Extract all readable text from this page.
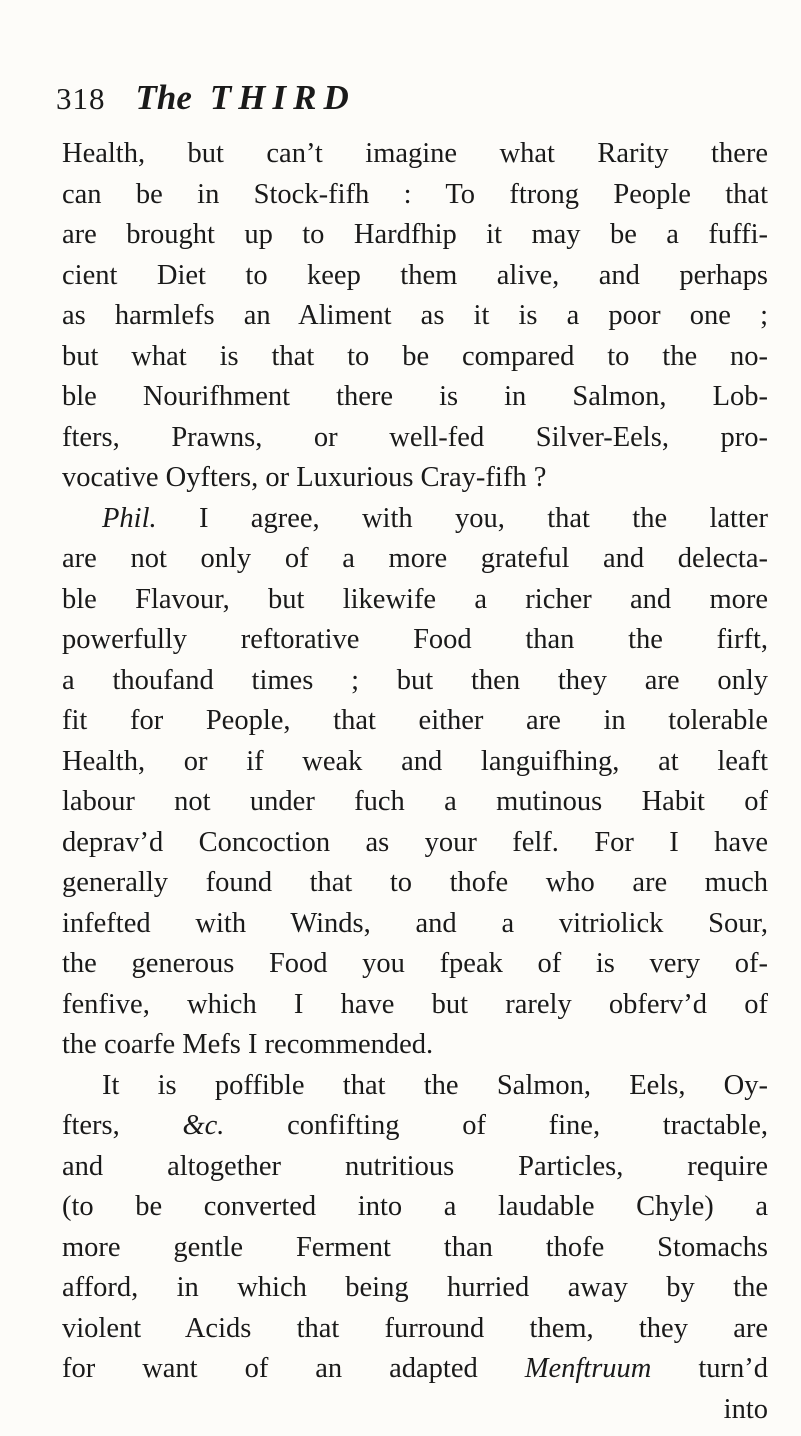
318 The THIRD
Health, but can’t imagine what Rarity there
can be in Stock-fifh : To ftrong People that
are brought up to Hardfhip it may be a fuffi-
cient Diet to keep them alive, and perhaps
as harmlefs an Aliment as it is a poor one ;
but what is that to be compared to the no-
ble Nourifhment there is in Salmon, Lob-
fters, Prawns, or well-fed Silver-Eels, pro-
vocative Oyfters, or Luxurious Cray-fifh ?
Phil. I agree, with you, that the latter
are not only of a more grateful and delecta-
ble Flavour, but likewife a richer and more
powerfully reftorative Food than the firft,
a thoufand times ; but then they are only
fit for People, that either are in tolerable
Health, or if weak and languifhing, at leaft
labour not under fuch a mutinous Habit of
deprav’d Concoction as your felf. For I have
generally found that to thofe who are much
infefted with Winds, and a vitriolick Sour,
the generous Food you fpeak of is very of-
fenfive, which I have but rarely obferv’d of
the coarfe Mefs I recommended.
It is poffible that the Salmon, Eels, Oy-
fters, &c. confifting of fine, tractable,
and altogether nutritious Particles, require
(to be converted into a laudable Chyle) a
more gentle Ferment than thofe Stomachs
afford, in which being hurried away by the
violent Acids that furround them, they are
for want of an adapted Menftruum turn’d
into
